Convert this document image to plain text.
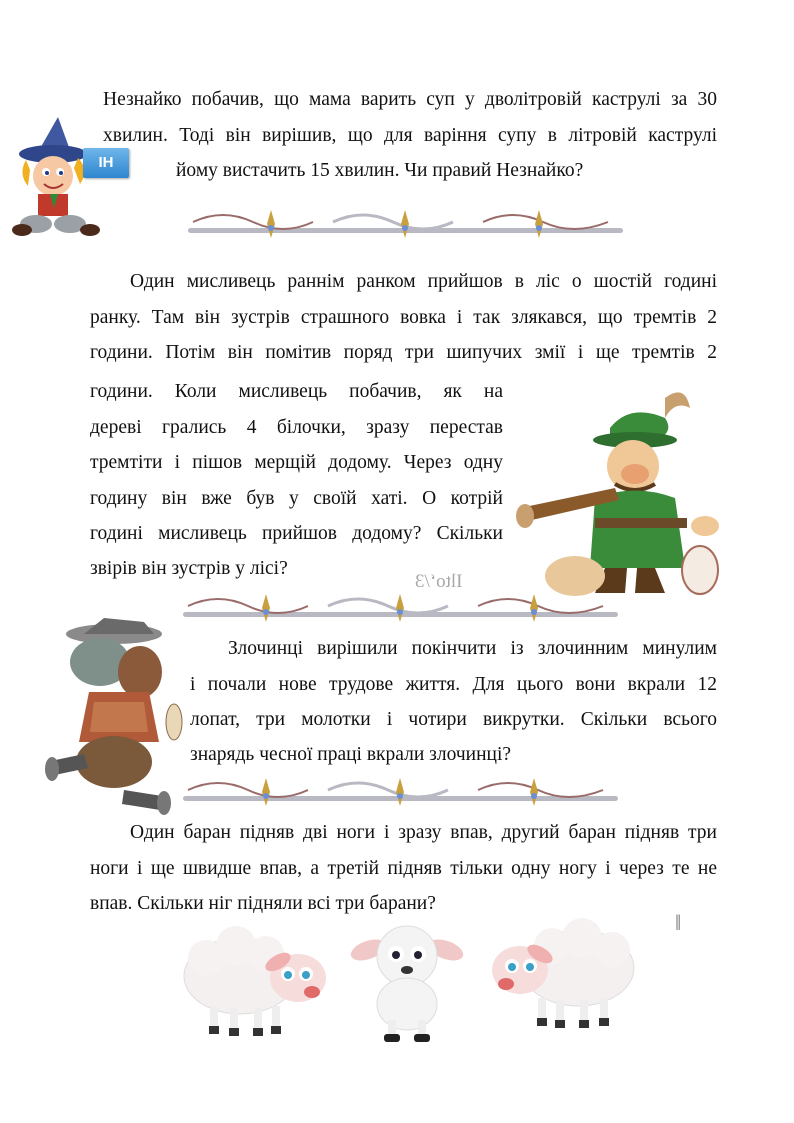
ІН
Незнайко побачив, що мама варить суп у дволітровій каструлі за 30
хвилин. Тоді він вирішив, що для варіння супу в літровій каструлі
йому вистачить 15 хвилин. Чи правий Незнайко?
Один мисливець раннім ранком прийшов в ліс о шостій годині
ранку. Там він зустрів страшного вовка і так злякався, що тремтів 2
години. Потім він помітив поряд три шипучих змії і ще тремтів 2
години. Коли мисливець побачив, як на
дереві грались 4 білочки, зразу перестав
тремтіти і пішов мерщій додому. Через одну
годину він вже був у своїй хаті. О котрій
годині мисливець прийшов додому? Скільки
звірів він зустрів у лісі?
Iltoʻ/3
Злочинці вирішили покінчити із злочинним минулим
і почали нове трудове життя. Для цього вони вкрали 12
лопат, три молотки і чотири викрутки. Скільки всього
знарядь чесної праці вкрали злочинці?
Один баран підняв дві ноги і зразу впав, другий баран підняв три
ноги і ще швидше впав, а третій підняв тільки одну ногу і через те не
впав. Скільки ніг підняли всі три барани?
‖
